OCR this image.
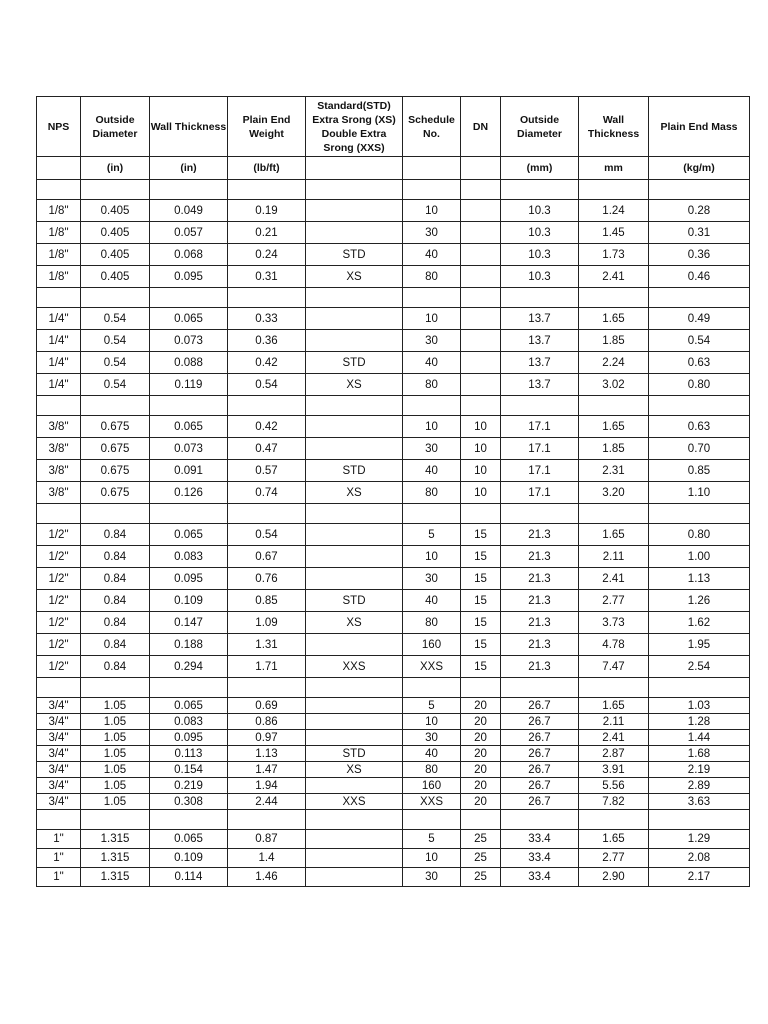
NPS	Outside Diameter	Wall Thickness	Plain End Weight	Standard(STD) Extra Srong (XS) Double Extra Srong (XXS)	Schedule No.	DN	Outside Diameter	Wall Thickness	Plain End Mass
	(in)	(in)	(lb/ft)				(mm)	mm	(kg/m)

1/8"	0.405	0.049	0.19		10		10.3	1.24	0.28
1/8"	0.405	0.057	0.21		30		10.3	1.45	0.31
1/8"	0.405	0.068	0.24	STD	40		10.3	1.73	0.36
1/8"	0.405	0.095	0.31	XS	80		10.3	2.41	0.46

1/4"	0.54	0.065	0.33		10		13.7	1.65	0.49
1/4"	0.54	0.073	0.36		30		13.7	1.85	0.54
1/4"	0.54	0.088	0.42	STD	40		13.7	2.24	0.63
1/4"	0.54	0.119	0.54	XS	80		13.7	3.02	0.80

3/8"	0.675	0.065	0.42		10	10	17.1	1.65	0.63
3/8"	0.675	0.073	0.47		30	10	17.1	1.85	0.70
3/8"	0.675	0.091	0.57	STD	40	10	17.1	2.31	0.85
3/8"	0.675	0.126	0.74	XS	80	10	17.1	3.20	1.10

1/2"	0.84	0.065	0.54		5	15	21.3	1.65	0.80
1/2"	0.84	0.083	0.67		10	15	21.3	2.11	1.00
1/2"	0.84	0.095	0.76		30	15	21.3	2.41	1.13
1/2"	0.84	0.109	0.85	STD	40	15	21.3	2.77	1.26
1/2"	0.84	0.147	1.09	XS	80	15	21.3	3.73	1.62
1/2"	0.84	0.188	1.31		160	15	21.3	4.78	1.95
1/2"	0.84	0.294	1.71	XXS	XXS	15	21.3	7.47	2.54

3/4"	1.05	0.065	0.69		5	20	26.7	1.65	1.03
3/4"	1.05	0.083	0.86		10	20	26.7	2.11	1.28
3/4"	1.05	0.095	0.97		30	20	26.7	2.41	1.44
3/4"	1.05	0.113	1.13	STD	40	20	26.7	2.87	1.68
3/4"	1.05	0.154	1.47	XS	80	20	26.7	3.91	2.19
3/4"	1.05	0.219	1.94		160	20	26.7	5.56	2.89
3/4"	1.05	0.308	2.44	XXS	XXS	20	26.7	7.82	3.63

1"	1.315	0.065	0.87		5	25	33.4	1.65	1.29
1"	1.315	0.109	1.4		10	25	33.4	2.77	2.08
1"	1.315	0.114	1.46		30	25	33.4	2.90	2.17
